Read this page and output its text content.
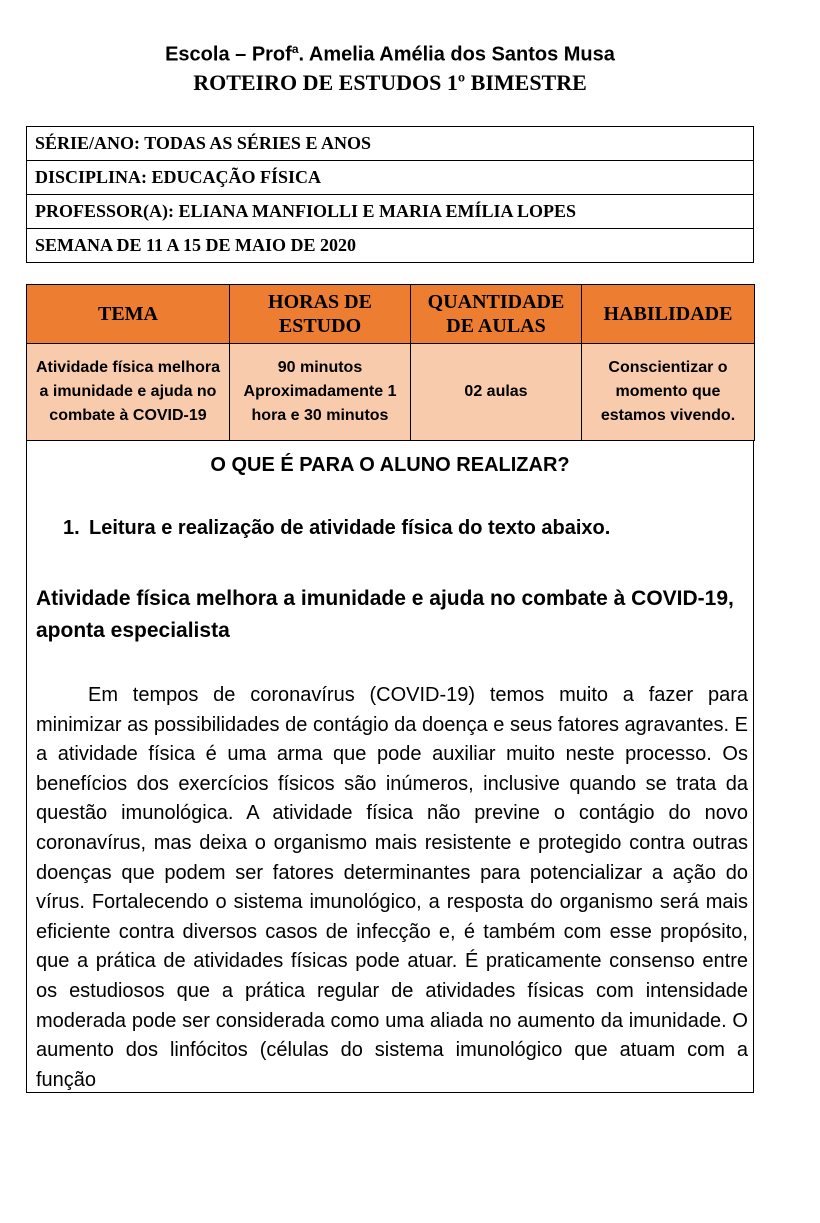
Escola – Prof$^a$. Amelia Amélia dos Santos Musa
ROTEIRO DE ESTUDOS 1º BIMESTRE
SÉRIE/ANO: TODAS AS SÉRIES E ANOS
DISCIPLINA: EDUCAÇÃO FÍSICA
PROFESSOR(A): ELIANA MANFIOLLI E MARIA EMÍLIA LOPES
SEMANA DE 11 A 15 DE MAIO DE 2020
TEMA	HORAS DE ESTUDO	QUANTIDADE DE AULAS	HABILIDADE
Atividade física melhora a imunidade e ajuda no combate à COVID-19	90 minutos Aproximadamente 1 hora e 30 minutos	02 aulas	Conscientizar o momento que estamos vivendo.
O QUE É PARA O ALUNO REALIZAR?
1. Leitura e realização de atividade física do texto abaixo.
Atividade física melhora a imunidade e ajuda no combate à COVID-19, aponta especialista

Em tempos de coronavírus (COVID-19) temos muito a fazer para minimizar as possibilidades de contágio da doença e seus fatores agravantes. E a atividade física é uma arma que pode auxiliar muito neste processo. Os benefícios dos exercícios físicos são inúmeros, inclusive quando se trata da questão imunológica. A atividade física não previne o contágio do novo coronavírus, mas deixa o organismo mais resistente e protegido contra outras doenças que podem ser fatores determinantes para potencializar a ação do vírus. Fortalecendo o sistema imunológico, a resposta do organismo será mais eficiente contra diversos casos de infecção e, é também com esse propósito, que a prática de atividades físicas pode atuar. É praticamente consenso entre os estudiosos que a prática regular de atividades físicas com intensidade moderada pode ser considerada como uma aliada no aumento da imunidade. O aumento dos linfócitos (células do sistema imunológico que atuam com a função
